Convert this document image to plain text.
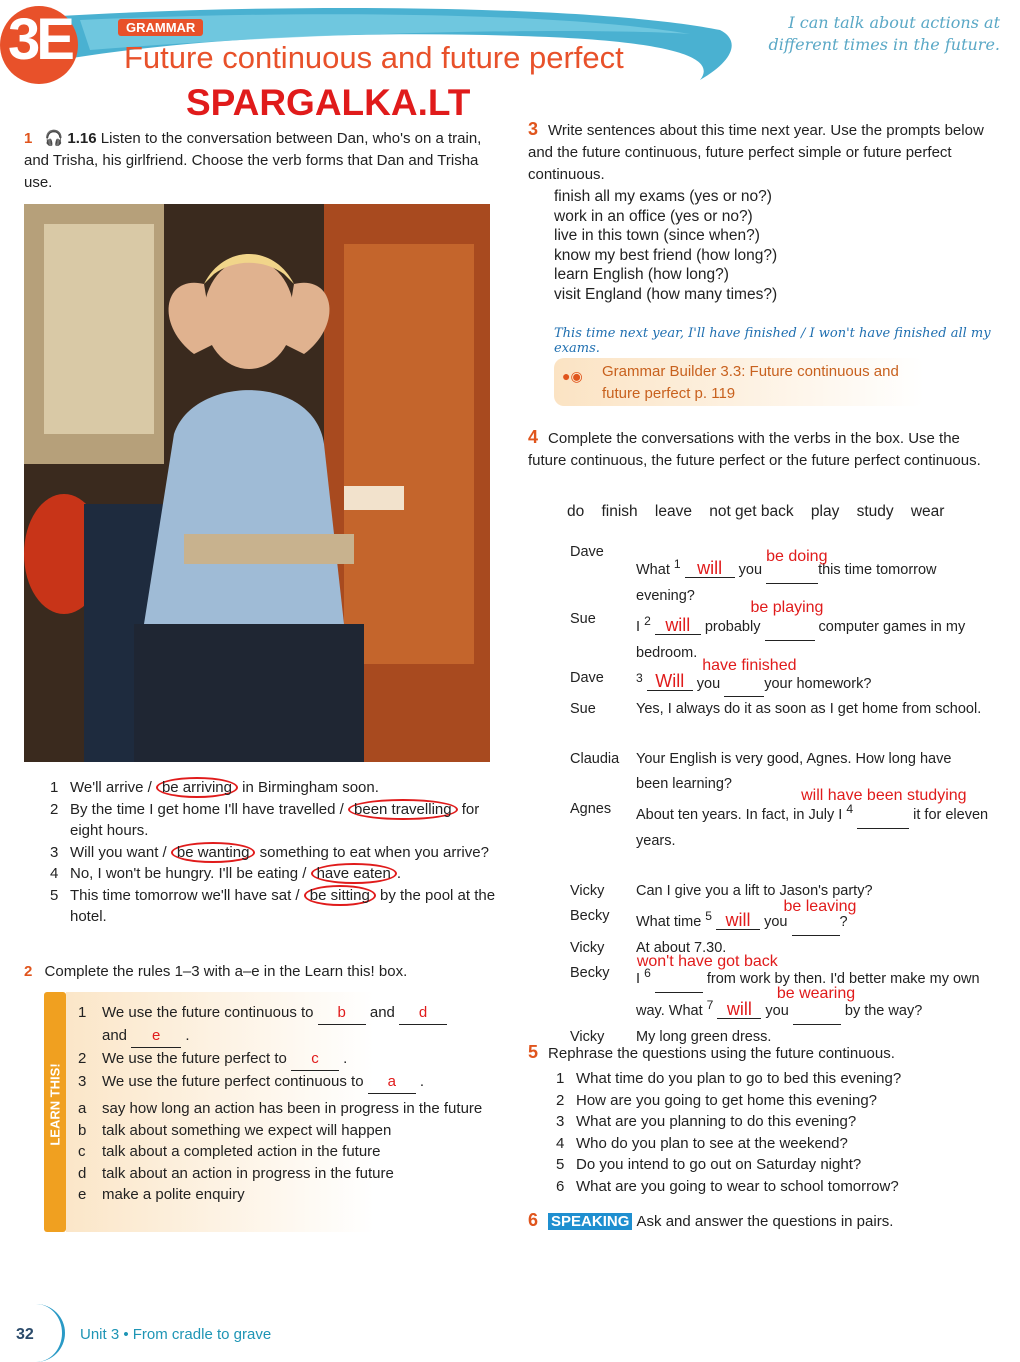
3E	GRAMMAR
Future continuous and future perfect
I can talk about actions at different times in the future.
SPARGALKA.LT
1 🎧 1.16 Listen to the conversation between Dan, who's on a train, and Trisha, his girlfriend. Choose the verb forms that Dan and Trisha use.
1 We'll arrive / be arriving in Birmingham soon.
2 By the time I get home I'll have travelled / been travelling for eight hours.
3 Will you want / be wanting something to eat when you arrive?
4 No, I won't be hungry. I'll be eating / have eaten .
5 This time tomorrow we'll have sat / be sitting by the pool at the hotel.
2 Complete the rules 1–3 with a–e in the Learn this! box.
LEARN THIS!
1	We use the future continuous to b and d
and e .
2	We use the future perfect to c .
3	We use the future perfect continuous to a .
a	say how long an action has been in progress in the future
b	talk about something we expect will happen
c	talk about a completed action in the future
d	talk about an action in progress in the future
e	make a polite enquiry
3 Write sentences about this time next year. Use the prompts below and the future continuous, future perfect simple or future perfect continuous.
finish all my exams (yes or no?)
work in an office (yes or no?)
live in this town (since when?)
know my best friend (how long?)
learn English (how long?)
visit England (how many times?)
This time next year, I'll have finished / I won't have finished all my exams.
●◉ Grammar Builder 3.3: Future continuous and future perfect p. 119
4 Complete the conversations with the verbs in the box. Use the future continuous, the future perfect or the future perfect continuous.
do finish leave not get back play study wear
Dave
What $^1$ will you
be doing
this time tomorrow evening?
Sue	I $^2$ will probably
be playing
computer games in my bedroom.
Dave	$^3$ Will you
have finished
your homework?
Sue	Yes, I always do it as soon as I get home from school.
Claudia	Your English is very good, Agnes. How long have been learning?
Agnes	About ten years. In fact, in July I $^4$
will have been studying
it for eleven years.
Vicky	Can I give you a lift to Jason's party?
Becky	What time $^5$ will you
be leaving
?
Vicky	At about 7.30.
Becky	I $^6$
won't have got back
from work by then. I'd better make my own way. What $^7$ will you
be wearing
by the way?
Vicky	My long green dress.
5 Rephrase the questions using the future continuous.
1 What time do you plan to go to bed this evening?
2 How are you going to get home this evening?
3 What are you planning to do this evening?
4 Who do you plan to see at the weekend?
5 Do you intend to go out on Saturday night?
6 What are you going to wear to school tomorrow?
6 SPEAKING Ask and answer the questions in pairs.
32	Unit 3 • From cradle to grave
